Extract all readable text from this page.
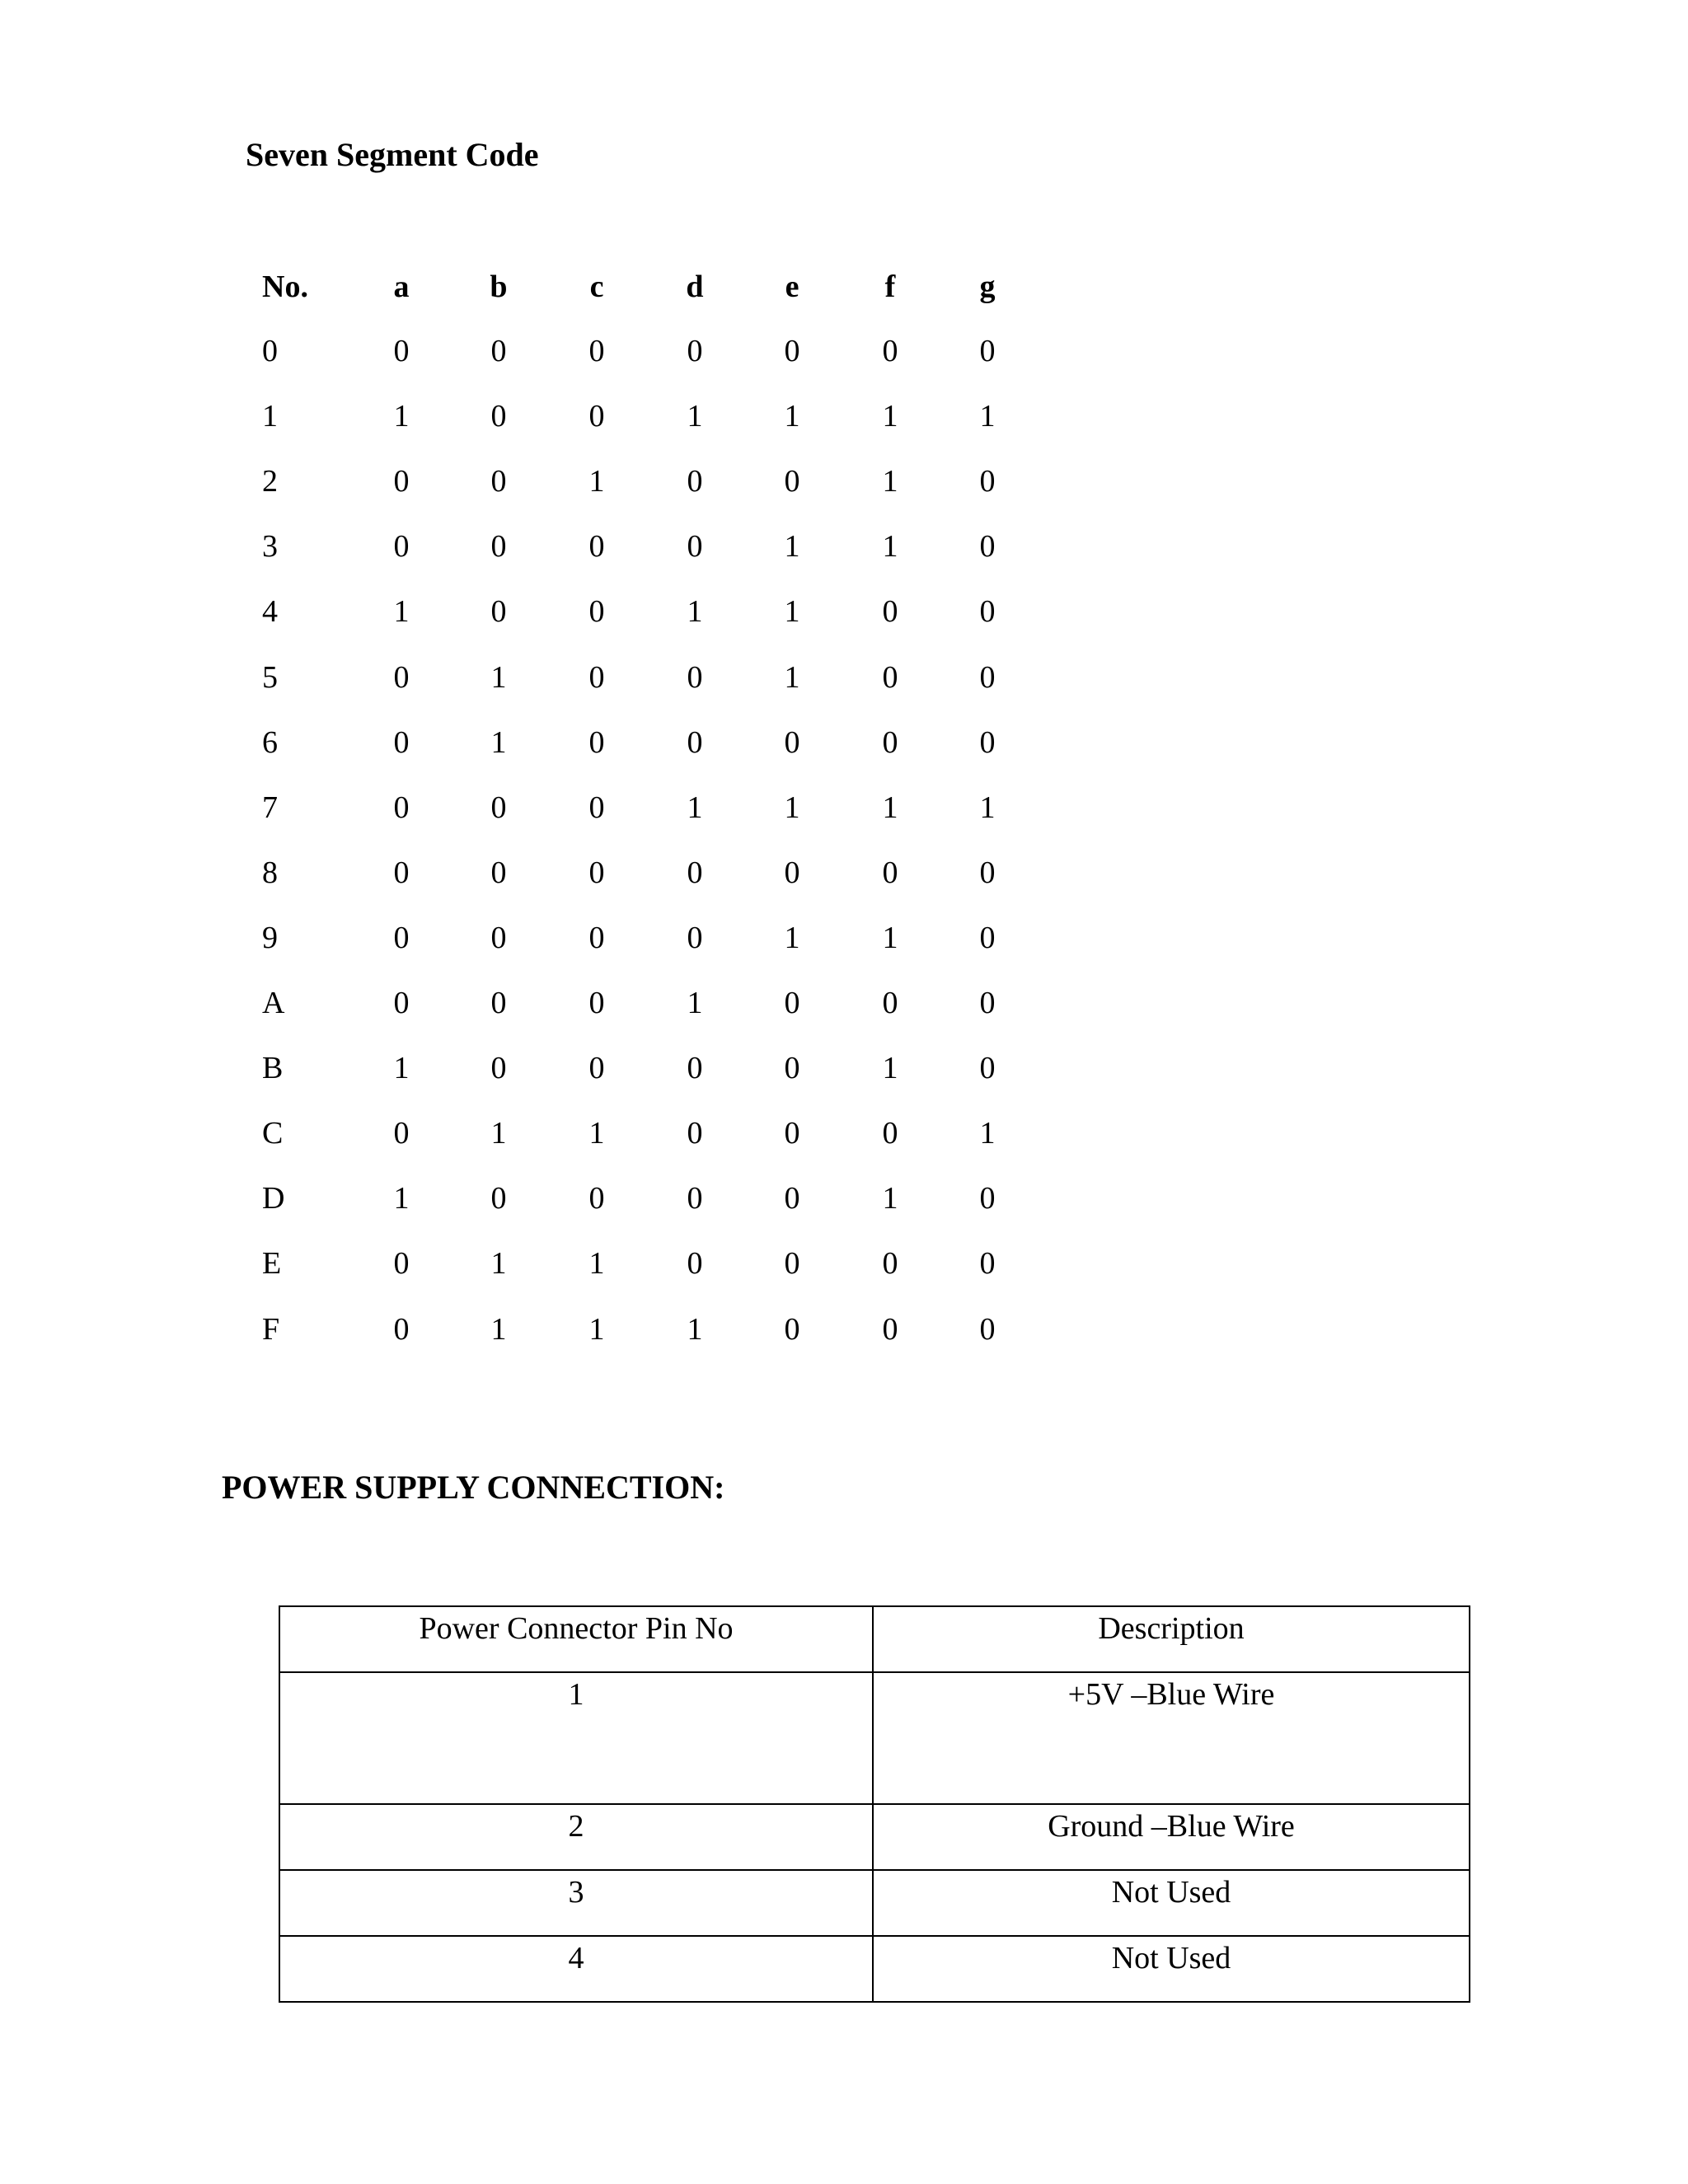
Seven Segment Code
No.	a	b	c	d	e	f	g
0	0	0	0	0	0	0	0
1	1	0	0	1	1	1	1
2	0	0	1	0	0	1	0
3	0	0	0	0	1	1	0
4	1	0	0	1	1	0	0
5	0	1	0	0	1	0	0
6	0	1	0	0	0	0	0
7	0	0	0	1	1	1	1
8	0	0	0	0	0	0	0
9	0	0	0	0	1	1	0
A	0	0	0	1	0	0	0
B	1	0	0	0	0	1	0
C	0	1	1	0	0	0	1
D	1	0	0	0	0	1	0
E	0	1	1	0	0	0	0
F	0	1	1	1	0	0	0
POWER SUPPLY CONNECTION:
Power Connector Pin No	Description
1	+5V –Blue Wire
2	Ground –Blue Wire
3	Not Used
4	Not Used
